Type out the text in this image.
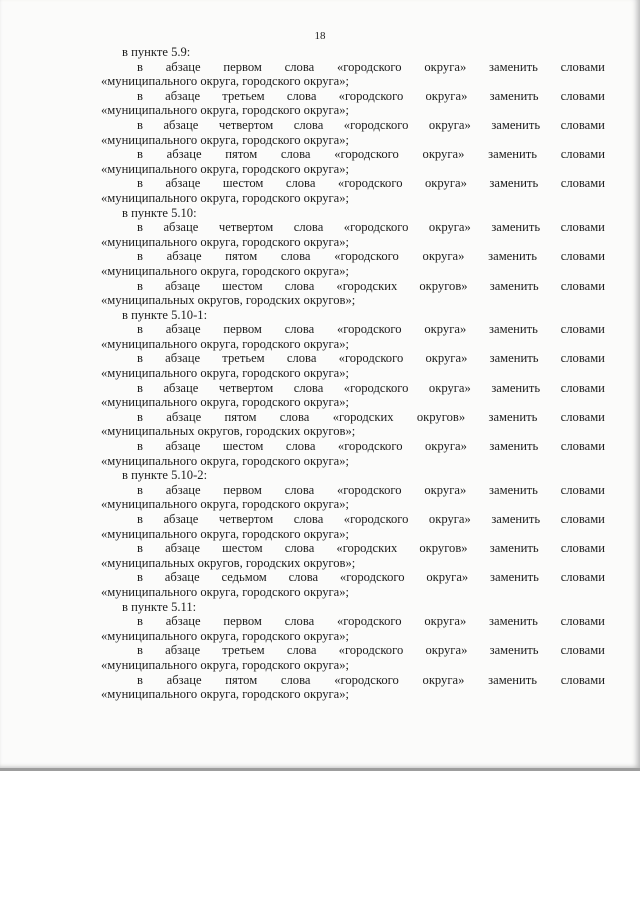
18

в пункте 5.9:

в абзаце первом слова «городского округа» заменить словами

«муниципального округа, городского округа»;

в абзаце третьем слова «городского округа» заменить словами

«муниципального округа, городского округа»;

в абзаце четвертом слова «городского округа» заменить словами

«муниципального округа, городского округа»;

в абзаце пятом слова «городского округа» заменить словами

«муниципального округа, городского округа»;

в абзаце шестом слова «городского округа» заменить словами

«муниципального округа, городского округа»;

в пункте 5.10:

в абзаце четвертом слова «городского округа» заменить словами

«муниципального округа, городского округа»;

в абзаце пятом слова «городского округа» заменить словами

«муниципального округа, городского округа»;

в абзаце шестом слова «городских округов» заменить словами

«муниципальных округов, городских округов»;

в пункте 5.10-1:

в абзаце первом слова «городского округа» заменить словами

«муниципального округа, городского округа»;

в абзаце третьем слова «городского округа» заменить словами

«муниципального округа, городского округа»;

в абзаце четвертом слова «городского округа» заменить словами

«муниципального округа, городского округа»;

в абзаце пятом слова «городских округов» заменить словами

«муниципальных округов, городских округов»;

в абзаце шестом слова «городского округа» заменить словами

«муниципального округа, городского округа»;

в пункте 5.10-2:

в абзаце первом слова «городского округа» заменить словами

«муниципального округа, городского округа»;

в абзаце четвертом слова «городского округа» заменить словами

«муниципального округа, городского округа»;

в абзаце шестом слова «городских округов» заменить словами

«муниципальных округов, городских округов»;

в абзаце седьмом слова «городского округа» заменить словами

«муниципального округа, городского округа»;

в пункте 5.11:

в абзаце первом слова «городского округа» заменить словами

«муниципального округа, городского округа»;

в абзаце третьем слова «городского округа» заменить словами

«муниципального округа, городского округа»;

в абзаце пятом слова «городского округа» заменить словами

«муниципального округа, городского округа»;
